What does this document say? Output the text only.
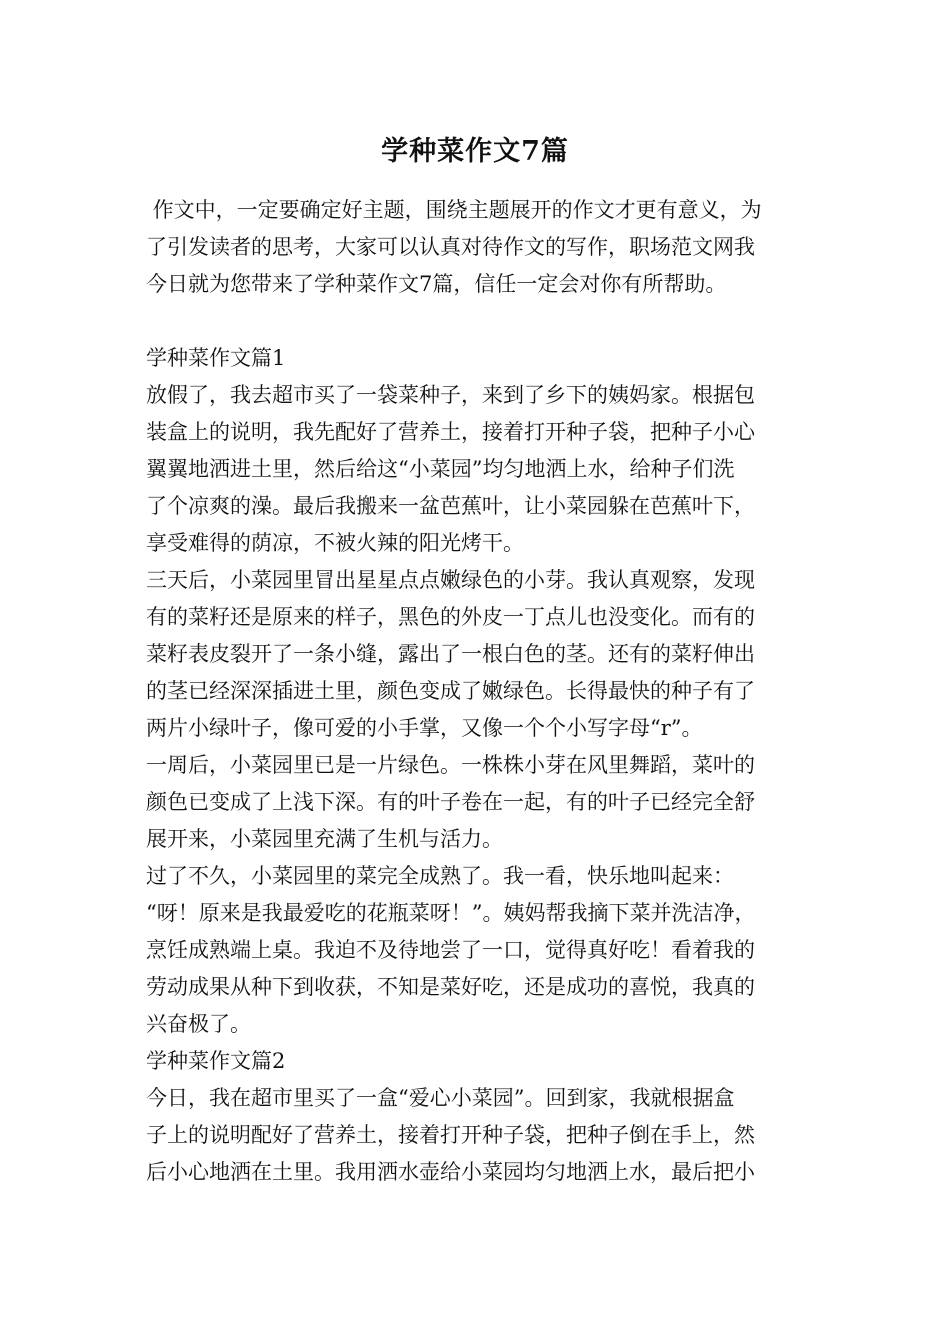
学种菜作文7篇
作文中，一定要确定好主题，围绕主题展开的作文才更有意义，为
了引发读者的思考，大家可以认真对待作文的写作，职场范文网我
今日就为您带来了学种菜作文7篇，信任一定会对你有所帮助。
学种菜作文篇1
放假了，我去超市买了一袋菜种子，来到了乡下的姨妈家。根据包
装盒上的说明，我先配好了营养土，接着打开种子袋，把种子小心
翼翼地洒进土里，然后给这“小菜园”均匀地洒上水，给种子们洗
了个凉爽的澡。最后我搬来一盆芭蕉叶，让小菜园躲在芭蕉叶下，
享受难得的荫凉，不被火辣的阳光烤干。
三天后，小菜园里冒出星星点点嫩绿色的小芽。我认真观察，发现
有的菜籽还是原来的样子，黑色的外皮一丁点儿也没变化。而有的
菜籽表皮裂开了一条小缝，露出了一根白色的茎。还有的菜籽伸出
的茎已经深深插进土里，颜色变成了嫩绿色。长得最快的种子有了
两片小绿叶子，像可爱的小手掌，又像一个个小写字母“r”。
一周后，小菜园里已是一片绿色。一株株小芽在风里舞蹈，菜叶的
颜色已变成了上浅下深。有的叶子卷在一起，有的叶子已经完全舒
展开来，小菜园里充满了生机与活力。
过了不久，小菜园里的菜完全成熟了。我一看，快乐地叫起来：
“呀！原来是我最爱吃的花瓶菜呀！”。姨妈帮我摘下菜并洗洁净，
烹饪成熟端上桌。我迫不及待地尝了一口，觉得真好吃！看着我的
劳动成果从种下到收获，不知是菜好吃，还是成功的喜悦，我真的
兴奋极了。
学种菜作文篇2
今日，我在超市里买了一盒“爱心小菜园”。回到家，我就根据盒
子上的说明配好了营养土，接着打开种子袋，把种子倒在手上，然
后小心地洒在土里。我用洒水壶给小菜园均匀地洒上水，最后把小
